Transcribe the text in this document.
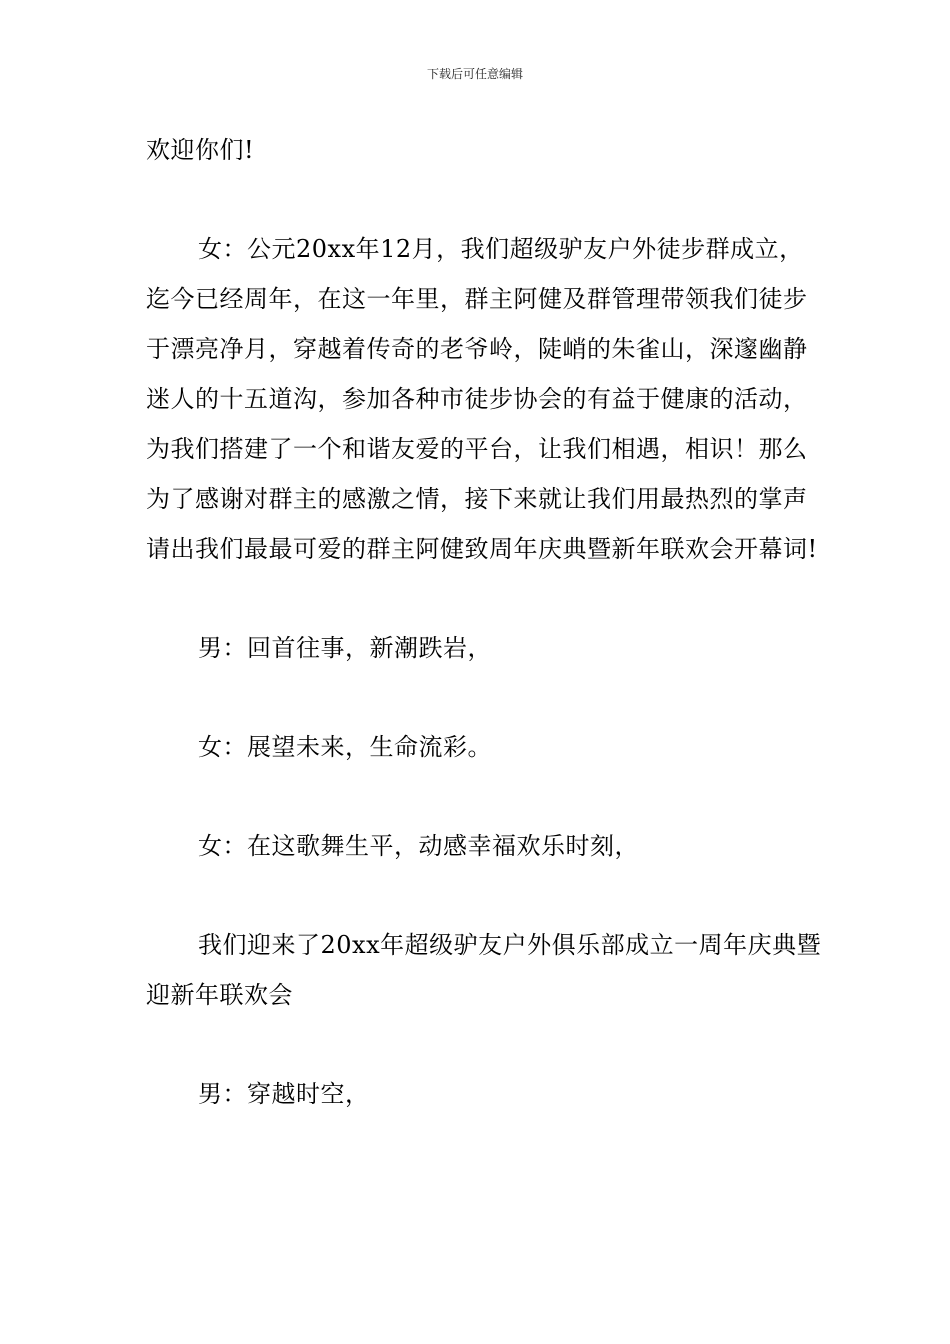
下载后可任意编辑

欢迎你们!

女：公元20xx年12月，我们超级驴友户外徒步群成立，迄今已经周年，在这一年里，群主阿健及群管理带领我们徒步于漂亮净月，穿越着传奇的老爷岭，陡峭的朱雀山，深邃幽静迷人的十五道沟，参加各种市徒步协会的有益于健康的活动，为我们搭建了一个和谐友爱的平台，让我们相遇，相识！那么为了感谢对群主的感激之情，接下来就让我们用最热烈的掌声请出我们最最可爱的群主阿健致周年庆典暨新年联欢会开幕词!

男：回首往事，新潮跌岩，

女：展望未来，生命流彩。

女：在这歌舞生平，动感幸福欢乐时刻，

我们迎来了20xx年超级驴友户外俱乐部成立一周年庆典暨迎新年联欢会

男：穿越时空，
